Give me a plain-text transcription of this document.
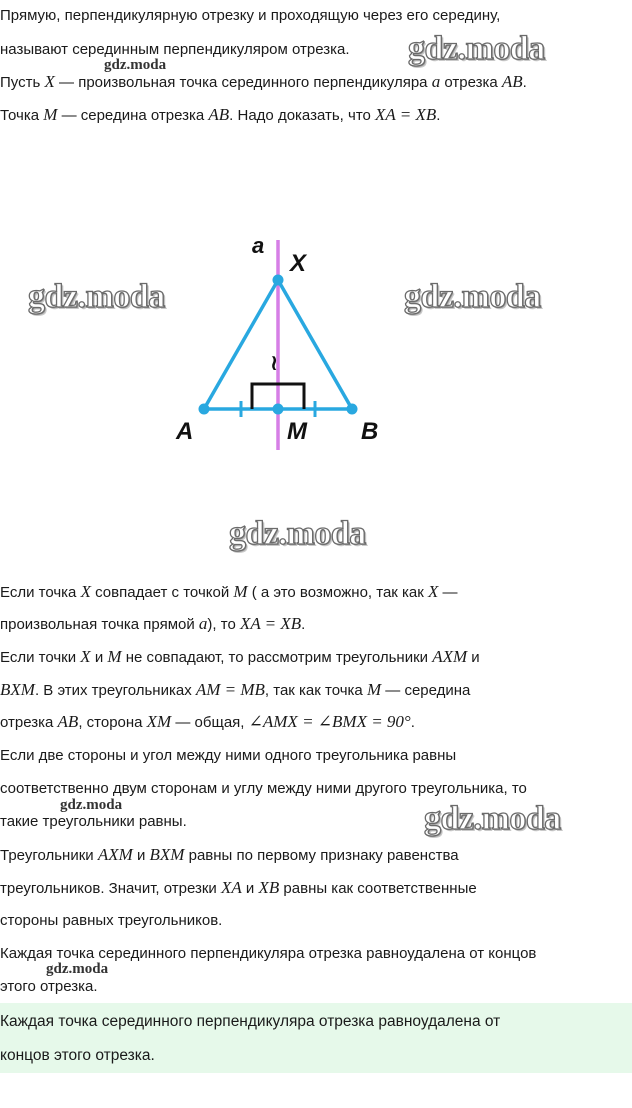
Прямую, перпендикулярную отрезку и проходящую через его середину,
называют серединным перпендикуляром отрезка.
Пусть X — произвольная точка серединного перпендикуляра a отрезка AB.
Точка M — середина отрезка AB. Надо доказать, что XA = XB.
gdz.moda
gdz.moda
gdz.moda	gdz.moda
gdz.moda
gdz.moda	gdz.moda
gdz.moda
a
X
≀
A	M B
Если точка X совпадает с точкой M ( а это возможно, так как X —
произвольная точка прямой a), то XA = XB.
Если точки X и M не совпадают, то рассмотрим треугольники AXM и
BXM. В этих треугольниках AM = MB, так как точка M — середина
отрезка AB, сторона XM — общая, ∠AMX = ∠BMX = 90°.
Если две стороны и угол между ними одного треугольника равны
соответственно двум сторонам и углу между ними другого треугольника, то
такие треугольники равны.
Треугольники AXM и BXM равны по первому признаку равенства
треугольников. Значит, отрезки XA и XB равны как соответственные
стороны равных треугольников.
Каждая точка серединного перпендикуляра отрезка равноудалена от концов
этого отрезка.
Каждая точка серединного перпендикуляра отрезка равноудалена от
концов этого отрезка.
